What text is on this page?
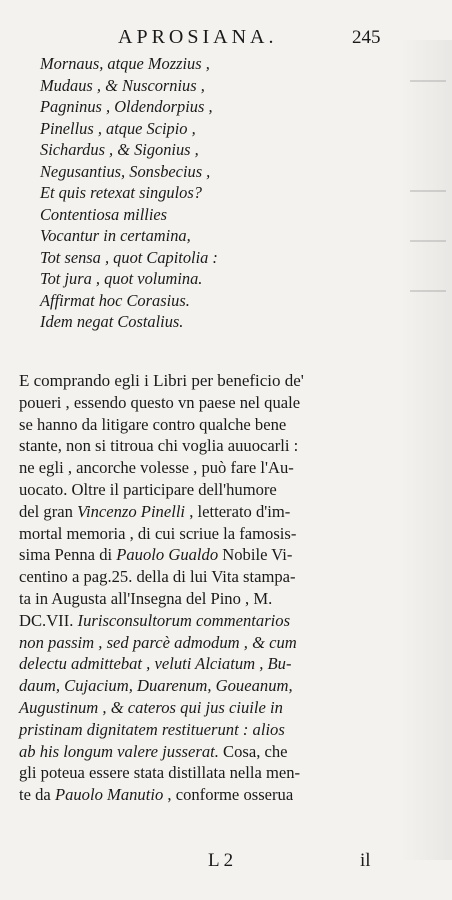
APROSIANA.	245
Mornaus, atque Mozzius ,
Mudaus , & Nuscornius ,
Pagninus , Oldendorpius ,
Pinellus , atque Scipio ,
Sichardus , & Sigonius ,
Negusantius, Sonsbecius ,
Et quis retexat singulos?
Contentiosa millies
Vocantur in certamina,
Tot sensa , quot Capitolia :
Tot jura , quot volumina.
Affirmat hoc Corasius.
Idem negat Costalius.
E comprando egli i Libri per beneficio de'
poueri , essendo questo vn paese nel quale
se hanno da litigare contro qualche bene
stante, non si titroua chi voglia auuocarli :
ne egli , ancorche volesse , può fare l'Au-
uocato. Oltre il participare dell'humore
del gran Vincenzo Pinelli , letterato d'im-
mortal memoria , di cui scriue la famosis-
sima Penna di Pauolo Gualdo Nobile Vi-
centino a pag.25. della di lui Vita stampa-
ta in Augusta all'Insegna del Pino , M.
DC.VII. Iurisconsultorum commentarios
non passim , sed parcè admodum , & cum
delectu admittebat , veluti Alciatum , Bu-
daum, Cujacium, Duarenum, Goueanum,
Augustinum , & cateros qui jus ciuile in
pristinam dignitatem restituerunt : alios
ab his longum valere jusserat. Cosa, che
gli poteua essere stata distillata nella men-
te da Pauolo Manutio , conforme osserua
L 2	il
